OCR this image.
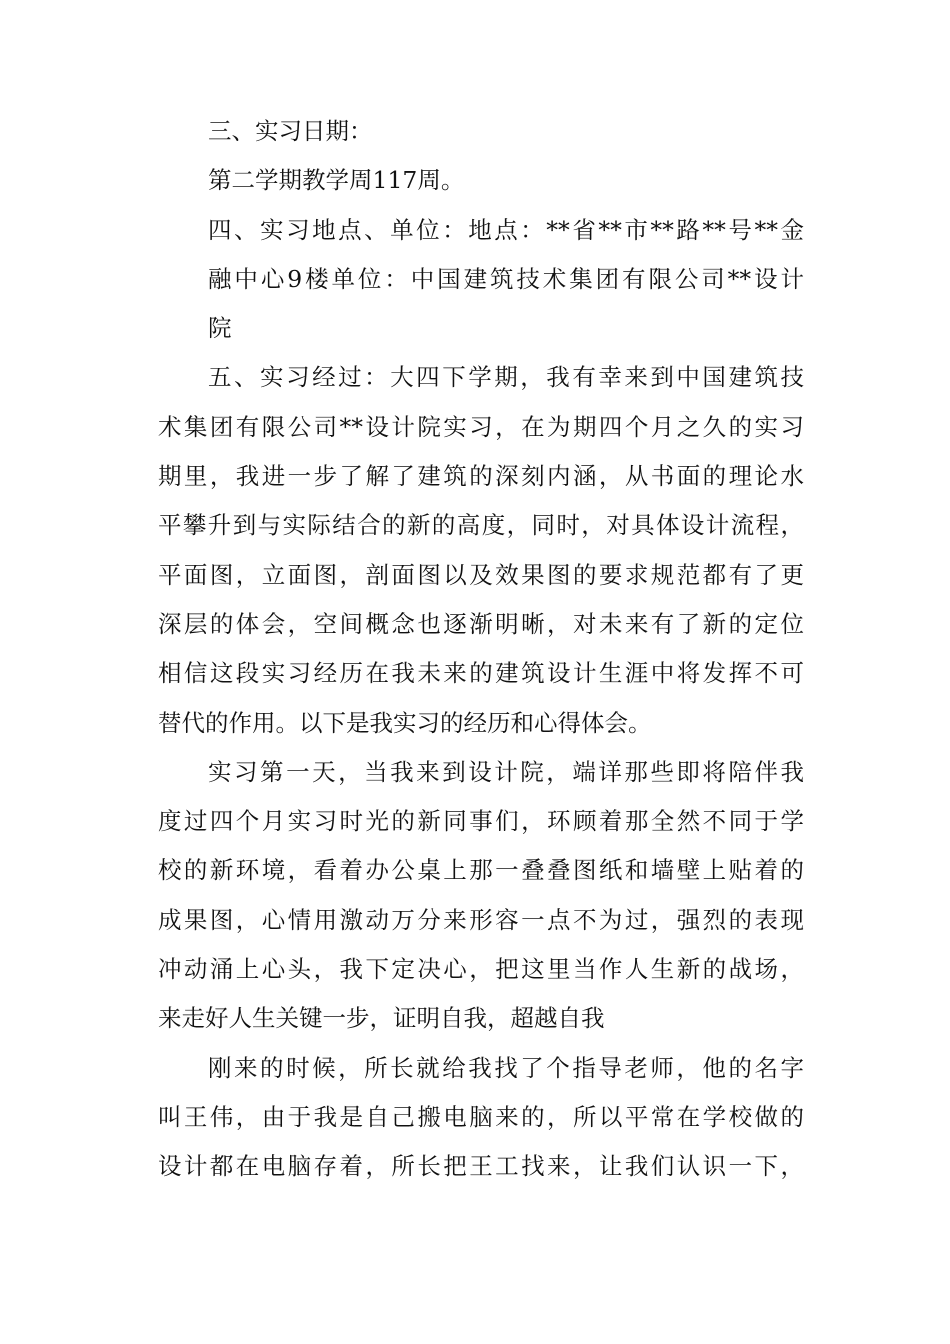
三、实习日期：
第二学期教学周117周。
四、实习地点、单位：地点：**省**市**路**号**金
融中心9楼单位：中国建筑技术集团有限公司**设计
院
五、实习经过：大四下学期，我有幸来到中国建筑技
术集团有限公司**设计院实习，在为期四个月之久的实习
期里，我进一步了解了建筑的深刻内涵，从书面的理论水
平攀升到与实际结合的新的高度，同时，对具体设计流程，
平面图，立面图，剖面图以及效果图的要求规范都有了更
深层的体会，空间概念也逐渐明晰，对未来有了新的定位
相信这段实习经历在我未来的建筑设计生涯中将发挥不可
替代的作用。以下是我实习的经历和心得体会。
实习第一天，当我来到设计院，端详那些即将陪伴我
度过四个月实习时光的新同事们，环顾着那全然不同于学
校的新环境，看着办公桌上那一叠叠图纸和墙壁上贴着的
成果图，心情用激动万分来形容一点不为过，强烈的表现
冲动涌上心头，我下定决心，把这里当作人生新的战场，
来走好人生关键一步，证明自我，超越自我
刚来的时候，所长就给我找了个指导老师，他的名字
叫王伟，由于我是自己搬电脑来的，所以平常在学校做的
设计都在电脑存着，所长把王工找来，让我们认识一下，
